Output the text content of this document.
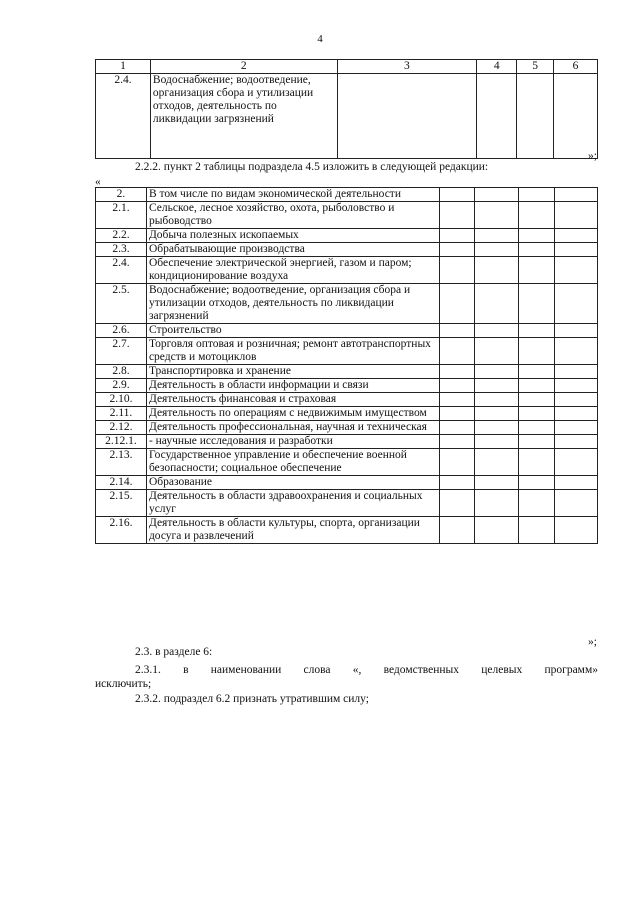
4
1	2	3	4	5	6
2.4.	Водоснабжение; водоотведение, организация сбора и утилизации отходов, деятельность по ликвидации загрязнений				
»;
2.2.2. пункт 2 таблицы подраздела 4.5 изложить в следующей редакции:
«
2.	В том числе по видам экономической деятельности				
2.1.	Сельское, лесное хозяйство, охота, рыболовство и рыбоводство				
2.2.	Добыча полезных ископаемых				
2.3.	Обрабатывающие производства				
2.4.	Обеспечение электрической энергией, газом и паром; кондиционирование воздуха				
2.5.	Водоснабжение; водоотведение, организация сбора и утилизации отходов, деятельность по ликвидации загрязнений				
2.6.	Строительство				
2.7.	Торговля оптовая и розничная; ремонт автотранспортных средств и мотоциклов				
2.8.	Транспортировка и хранение				
2.9.	Деятельность в области информации и связи				
2.10.	Деятельность финансовая и страховая				
2.11.	Деятельность по операциям с недвижимым имуществом				
2.12.	Деятельность профессиональная, научная и техническая				
2.12.1.	- научные исследования и разработки				
2.13.	Государственное управление и обеспечение военной безопасности; социальное обеспечение				
2.14.	Образование				
2.15.	Деятельность в области здравоохранения и социальных услуг				
2.16.	Деятельность в области культуры, спорта, организации досуга и развлечений				
»;
2.3. в разделе 6:
2.3.1. в наименовании слова «, ведомственных целевых программ»
исключить;
2.3.2. подраздел 6.2 признать утратившим силу;
